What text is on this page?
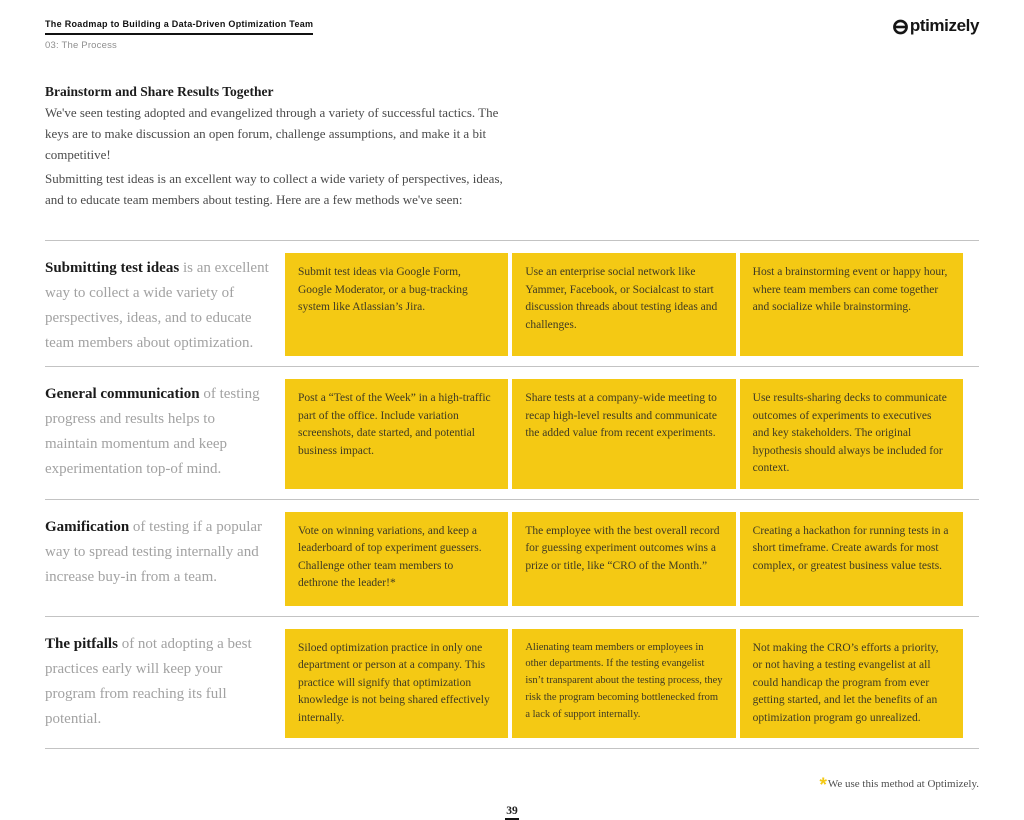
The Roadmap to Building a Data-Driven Optimization Team
03: The Process
ptimizely
Brainstorm and Share Results Together

We've seen testing adopted and evangelized through a variety of successful tactics. The keys are to make discussion an open forum, challenge assumptions, and make it a bit competitive!

Submitting test ideas is an excellent way to collect a wide variety of perspectives, ideas, and to educate team members about testing. Here are a few methods we've seen:

Submitting test ideas is an excellent way to collect a wide variety of perspectives, ideas, and to educate team members about optimization.
Submit test ideas via Google Form, Google Moderator, or a bug-tracking system like Atlassian’s Jira.
Use an enterprise social network like Yammer, Facebook, or Socialcast to start discussion threads about testing ideas and challenges.
Host a brainstorming event or happy hour, where team members can come together and socialize while brainstorming.
General communication of testing progress and results helps to maintain momentum and keep experimentation top-of mind.
Post a “Test of the Week” in a high-traffic part of the office. Include variation screenshots, date started, and potential business impact.
Share tests at a company-wide meeting to recap high-level results and communicate the added value from recent experiments.
Use results-sharing decks to communicate outcomes of experiments to executives and key stakeholders. The original hypothesis should always be included for context.
Gamification of testing if a popular way to spread testing internally and increase buy-in from a team.
Vote on winning variations, and keep a leaderboard of top experiment guessers. Challenge other team members to dethrone the leader!*
The employee with the best overall record for guessing experiment outcomes wins a prize or title, like “CRO of the Month.”
Creating a hackathon for running tests in a short timeframe. Create awards for most complex, or greatest business value tests.
The pitfalls of not adopting a best practices early will keep your program from reaching its full potential.
Siloed optimization practice in only one department or person at a company. This practice will signify that optimization knowledge is not being shared effectively internally.
Alienating team members or employees in other departments. If the testing evangelist isn’t transparent about the testing process, they risk the program becoming bottlenecked from a lack of support internally.
Not making the CRO’s efforts a priority, or not having a testing evangelist at all could handicap the program from ever getting started, and let the benefits of an optimization program go unrealized.
*We use this method at Optimizely.
39
